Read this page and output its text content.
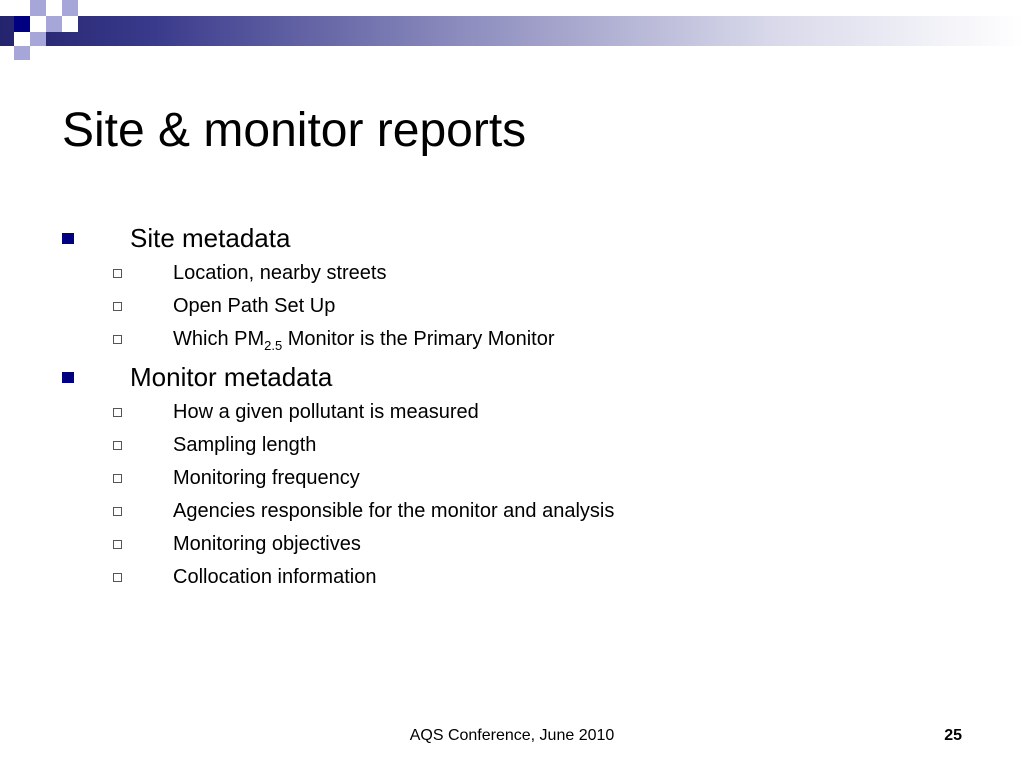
Site & monitor reports
Site metadata
Location, nearby streets
Open Path Set Up
Which $PM_{2.5}$ Monitor is the Primary Monitor
Monitor metadata
How a given pollutant is measured
Sampling length
Monitoring frequency
Agencies responsible for the monitor and analysis
Monitoring objectives
Collocation information
AQS Conference, June 2010	25
